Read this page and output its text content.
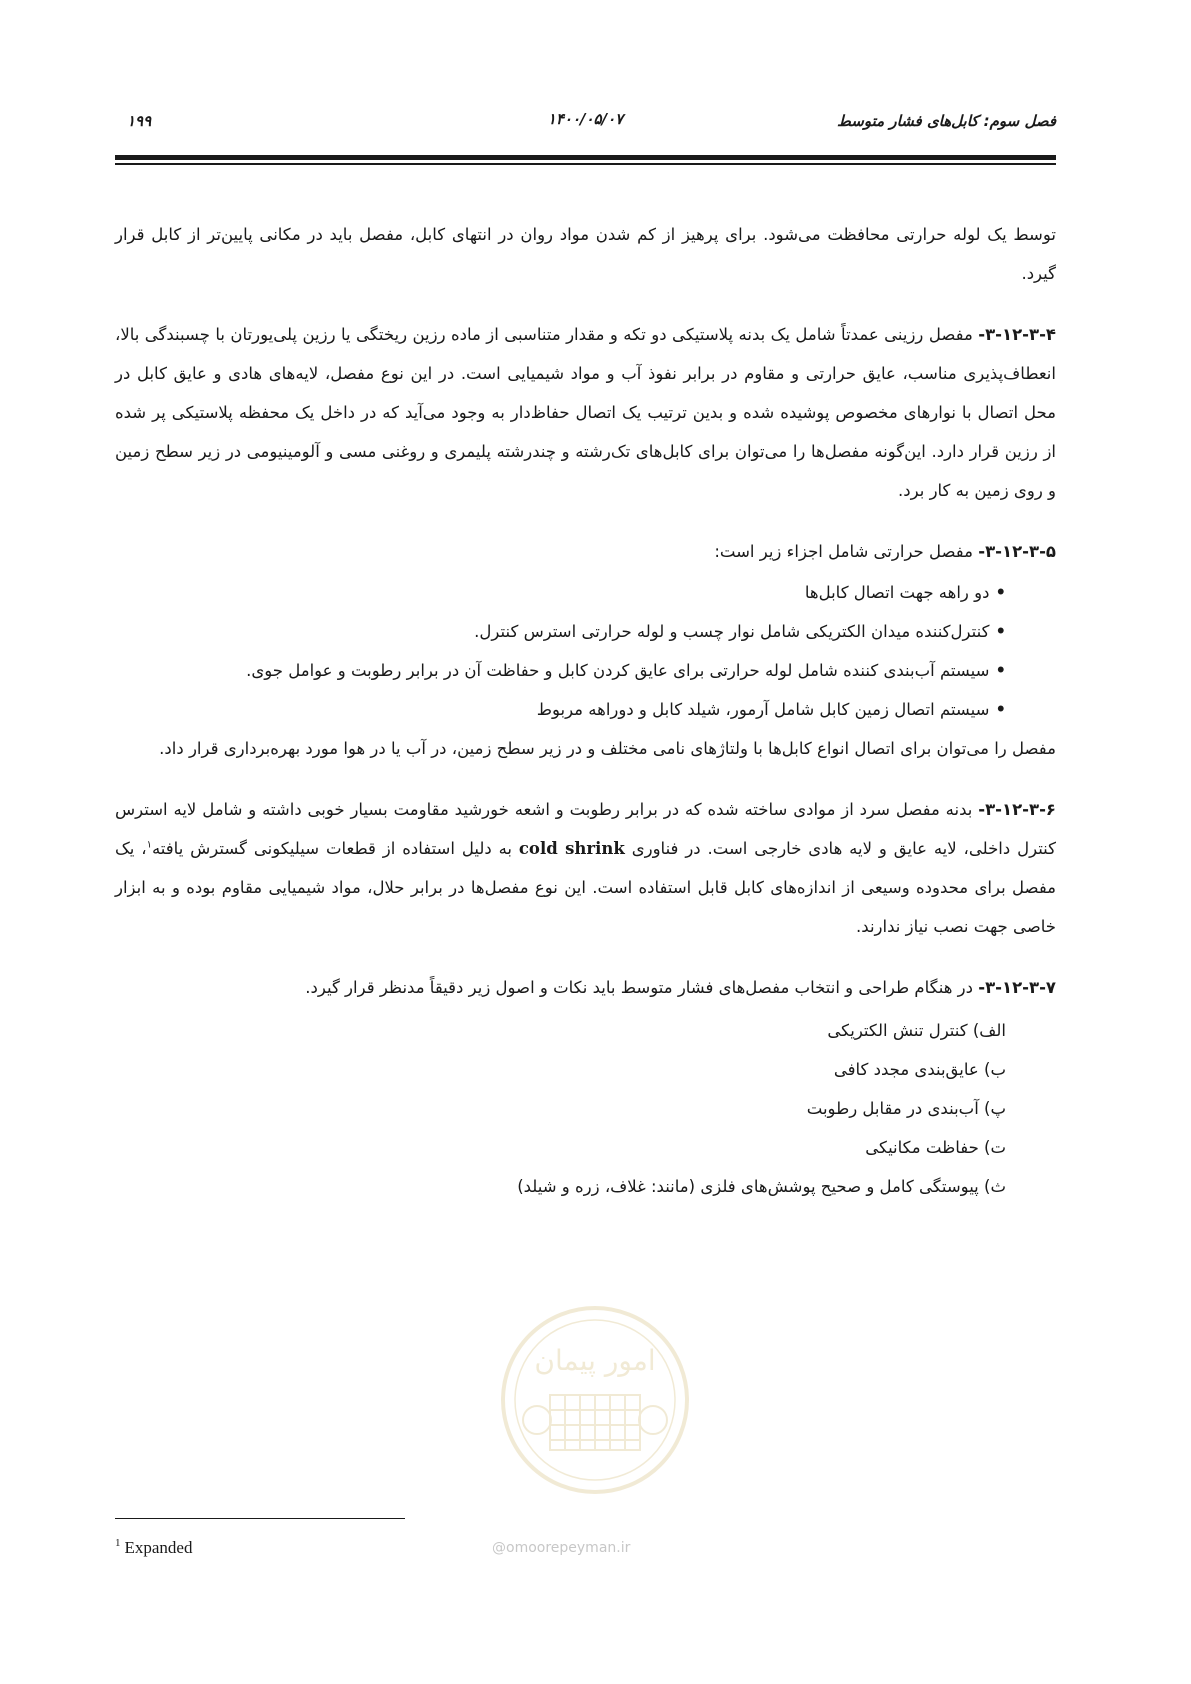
فصل سوم: کابل‌های فشار متوسط
۱۴۰۰/۰۵/۰۷
۱۹۹

توسط یک لوله حرارتی محافظت می‌شود. برای پرهیز از کم شدن مواد روان در انتهای کابل، مفصل باید در مکانی پایین‌تر از کابل قرار گیرد.

۳-۱۲-۳-۴- مفصل رزینی عمدتاً شامل یک بدنه پلاستیکی دو تکه و مقدار متناسبی از ماده رزین ریختگی یا رزین پلی‌یورتان با چسبندگی بالا، انعطاف‌پذیری مناسب، عایق حرارتی و مقاوم در برابر نفوذ آب و مواد شیمیایی است. در این نوع مفصل، لایه‌های هادی و عایق کابل در محل اتصال با نوارهای مخصوص پوشیده شده و بدین ترتیب یک اتصال حفاظ‌دار به وجود می‌آید که در داخل یک محفظه پلاستیکی پر شده از رزین قرار دارد. این‌گونه مفصل‌ها را می‌توان برای کابل‌های تک‌رشته و چندرشته پلیمری و روغنی مسی و آلومینیومی در زیر سطح زمین و روی زمین به کار برد.

۳-۱۲-۳-۵- مفصل حرارتی شامل اجزاء زیر است:

•دو راهه جهت اتصال کابل‌ها
•کنترل‌کننده میدان الکتریکی شامل نوار چسب و لوله حرارتی استرس کنترل.
•سیستم آب‌بندی کننده شامل لوله حرارتی برای عایق کردن کابل و حفاظت آن در برابر رطوبت و عوامل جوی.
•سیستم اتصال زمین کابل شامل آرمور، شیلد کابل و دوراهه مربوط

مفصل را می‌توان برای اتصال انواع کابل‌ها با ولتاژهای نامی مختلف و در زیر سطح زمین، در آب یا در هوا مورد بهره‌برداری قرار داد.

۳-۱۲-۳-۶- بدنه مفصل سرد از موادی ساخته شده که در برابر رطوبت و اشعه خورشید مقاومت بسیار خوبی داشته و شامل لایه استرس کنترل داخلی، لایه عایق و لایه هادی خارجی است. در فناوری cold shrink به دلیل استفاده از قطعات سیلیکونی گسترش یافته$^۱$، یک مفصل برای محدوده وسیعی از اندازه‌های کابل قابل استفاده است. این نوع مفصل‌ها در برابر حلال، مواد شیمیایی مقاوم بوده و به ابزار خاصی جهت نصب نیاز ندارند.

۳-۱۲-۳-۷- در هنگام طراحی و انتخاب مفصل‌های فشار متوسط باید نکات و اصول زیر دقیقاً مدنظر قرار گیرد.

الف) کنترل تنش الکتریکی
ب) عایق‌بندی مجدد کافی
پ) آب‌بندی در مقابل رطوبت
ت) حفاظت مکانیکی
ث) پیوستگی کامل و صحیح پوشش‌های فلزی (مانند: غلاف، زره و شیلد)
امور پیمان
@omoorepeyman.ir
$^1$ Expanded
